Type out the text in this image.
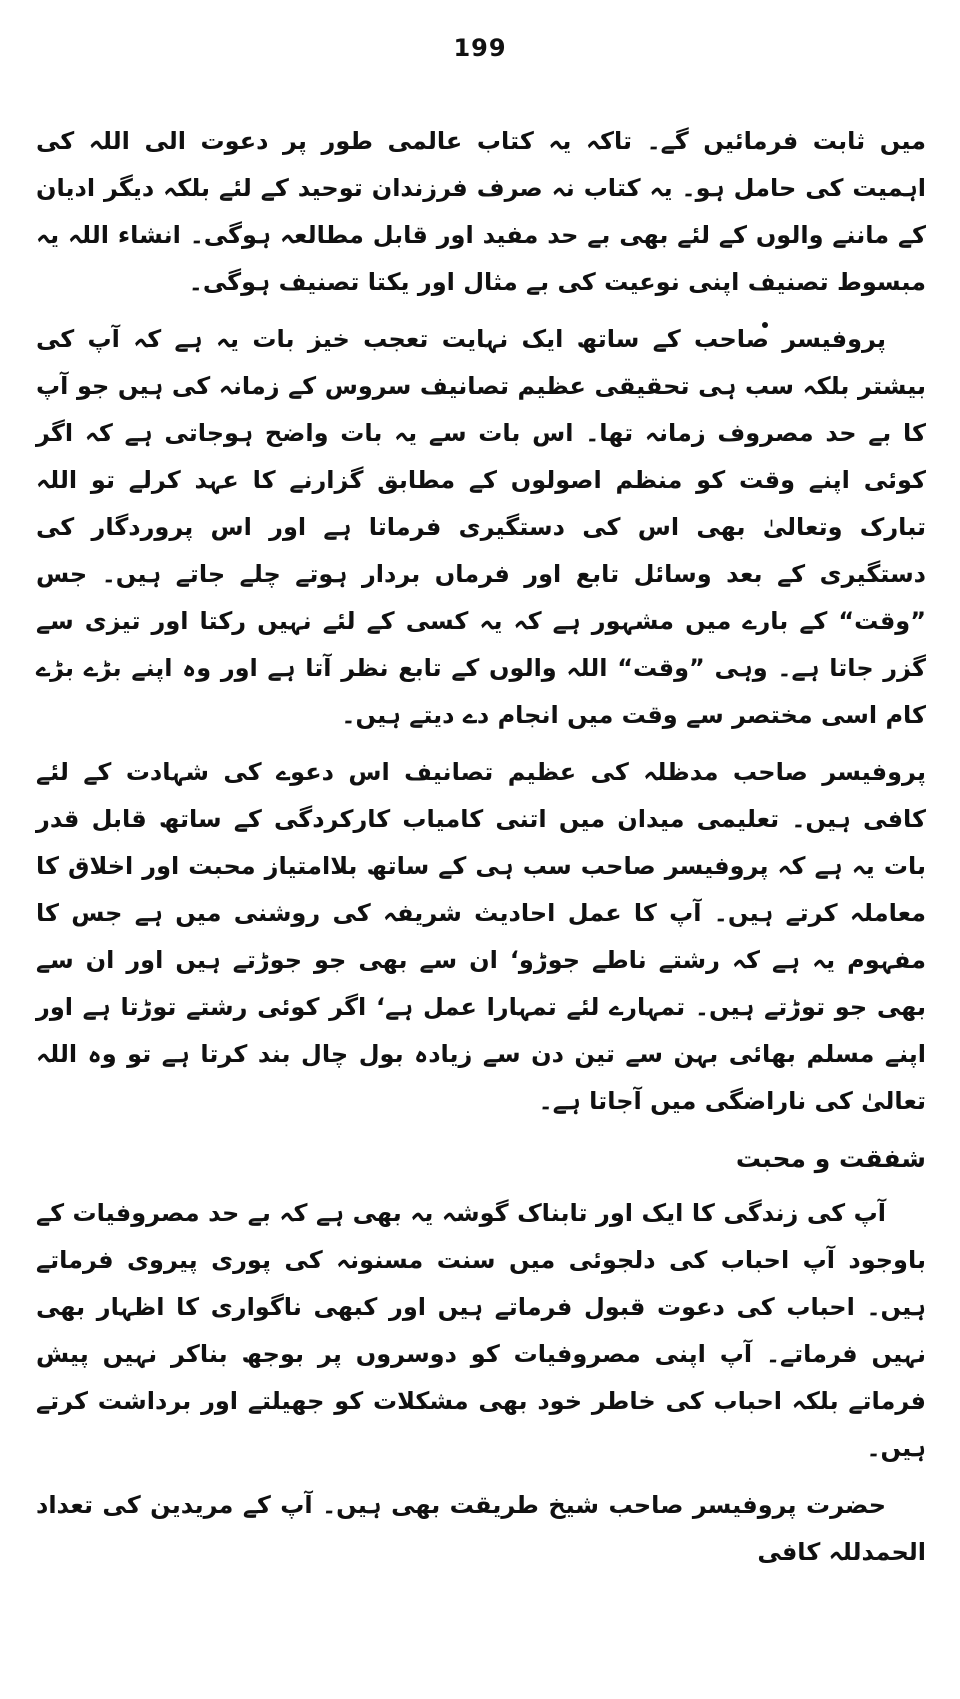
199

میں ثابت فرمائیں گے۔ تاکہ یہ کتاب عالمی طور پر دعوت الی اللہ کی اہمیت کی حامل ہو۔ یہ کتاب نہ صرف فرزندان توحید کے لئے بلکہ دیگر ادیان کے ماننے والوں کے لئے بھی بے حد مفید اور قابل مطالعہ ہوگی۔ انشاء اللہ یہ مبسوط تصنیف اپنی نوعیت کی بے مثال اور یکتا تصنیف ہوگی۔

پروفیسر صاحب کے ساتھ ایک نہایت تعجب خیز بات یہ ہے کہ آپ کی بیشتر بلکہ سب ہی تحقیقی عظیم تصانیف سروس کے زمانہ کی ہیں جو آپ کا بے حد مصروف زمانہ تھا۔ اس بات سے یہ بات واضح ہوجاتی ہے کہ اگر کوئی اپنے وقت کو منظم اصولوں کے مطابق گزارنے کا عہد کرلے تو اللہ تبارک وتعالیٰ بھی اس کی دستگیری فرماتا ہے اور اس پروردگار کی دستگیری کے بعد وسائل تابع اور فرماں بردار ہوتے چلے جاتے ہیں۔ جس ”وقت“ کے بارے میں مشہور ہے کہ یہ کسی کے لئے نہیں رکتا اور تیزی سے گزر جاتا ہے۔ وہی ”وقت“ اللہ والوں کے تابع نظر آتا ہے اور وہ اپنے بڑے بڑے کام اسی مختصر سے وقت میں انجام دے دیتے ہیں۔

پروفیسر صاحب مدظلہ کی عظیم تصانیف اس دعوے کی شہادت کے لئے کافی ہیں۔ تعلیمی میدان میں اتنی کامیاب کارکردگی کے ساتھ قابل قدر بات یہ ہے کہ پروفیسر صاحب سب ہی کے ساتھ بلاامتیاز محبت اور اخلاق کا معاملہ کرتے ہیں۔ آپ کا عمل احادیث شریفہ کی روشنی میں ہے جس کا مفہوم یہ ہے کہ رشتے ناطے جوڑو‘ ان سے بھی جو جوڑتے ہیں اور ان سے بھی جو توڑتے ہیں۔ تمہارے لئے تمہارا عمل ہے‘ اگر کوئی رشتے توڑتا ہے اور اپنے مسلم بھائی بہن سے تین دن سے زیادہ بول چال بند کرتا ہے تو وہ اللہ تعالیٰ کی ناراضگی میں آجاتا ہے۔

شفقت و محبت

آپ کی زندگی کا ایک اور تابناک گوشہ یہ بھی ہے کہ بے حد مصروفیات کے باوجود آپ احباب کی دلجوئی میں سنت مسنونہ کی پوری پیروی فرماتے ہیں۔ احباب کی دعوت قبول فرماتے ہیں اور کبھی ناگواری کا اظہار بھی نہیں فرماتے۔ آپ اپنی مصروفیات کو دوسروں پر بوجھ بناکر نہیں پیش فرماتے بلکہ احباب کی خاطر خود بھی مشکلات کو جھیلتے اور برداشت کرتے ہیں۔

حضرت پروفیسر صاحب شیخ طریقت بھی ہیں۔ آپ کے مریدین کی تعداد الحمدللہ کافی
